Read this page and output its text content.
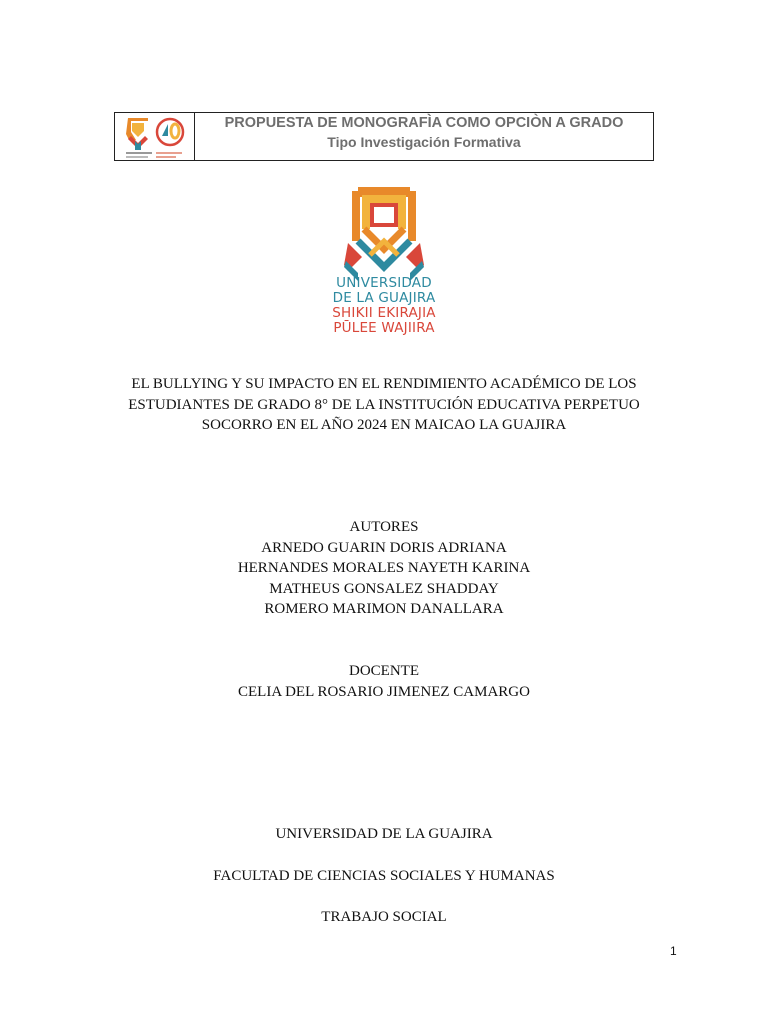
PROPUESTA DE MONOGRAFÌA COMO OPCIÒN A GRADO
Tipo Investigación Formativa
UNIVERSIDAD
DE LA GUAJIRA
SHIKII EKIRAJIA
PŪLEE WAJIIRA
EL BULLYING Y SU IMPACTO EN EL RENDIMIENTO ACADÉMICO DE LOS
ESTUDIANTES DE GRADO 8° DE LA INSTITUCIÓN EDUCATIVA PERPETUO
SOCORRO EN EL AÑO 2024 EN MAICAO LA GUAJIRA
AUTORES
ARNEDO GUARIN DORIS ADRIANA
HERNANDES MORALES NAYETH KARINA
MATHEUS GONSALEZ SHADDAY
ROMERO MARIMON DANALLARA
DOCENTE
CELIA DEL ROSARIO JIMENEZ CAMARGO
UNIVERSIDAD DE LA GUAJIRA
FACULTAD DE CIENCIAS SOCIALES Y HUMANAS
TRABAJO SOCIAL
1
